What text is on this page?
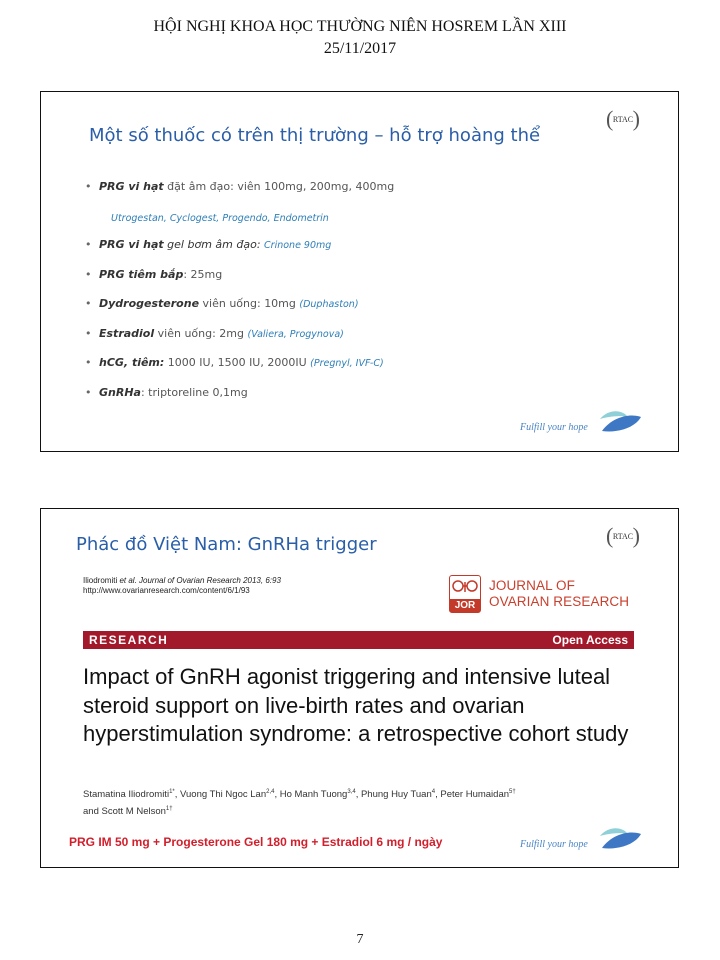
HỘI NGHỊ KHOA HỌC THƯỜNG NIÊN HOSREM LẦN XIII
25/11/2017
Một số thuốc có trên thị trường – hỗ trợ hoàng thể
( )
RTAC
• PRG vi hạt đặt âm đạo: viên 100mg, 200mg, 400mg
• PRG vi hạt gel bơm âm đạo: Crinone 90mg
• PRG tiêm bắp: 25mg
• Dydrogesterone viên uống: 10mg (Duphaston)
• Estradiol viên uống: 2mg (Valiera, Progynova)
• hCG, tiêm: 1000 IU, 1500 IU, 2000IU (Pregnyl, IVF-C)
• GnRHa: triptoreline 0,1mg
Utrogestan, Cyclogest, Progendo, Endometrin
Fulfill your hope
Phác đồ Việt Nam: GnRHa trigger	( )
RTAC
Iliodromiti et al. Journal of Ovarian Research 2013, 6:93
http://www.ovarianresearch.com/content/6/1/93
JOR
JOURNAL OF
OVARIAN RESEARCH
RESEARCH	Open Access
Impact of GnRH agonist triggering and intensive luteal steroid support on live-birth rates and ovarian hyperstimulation syndrome: a retrospective cohort study
Stamatina Iliodromiti$^{1*}$, Vuong Thi Ngoc Lan$^{2,4}$, Ho Manh Tuong$^{3,4}$, Phung Huy Tuan$^4$, Peter Humaidan$^{5\dagger}$
and Scott M Nelson$^{1\dagger}$
PRG IM 50 mg + Progesterone Gel 180 mg + Estradiol 6 mg / ngày	Fulfill your hope
7
